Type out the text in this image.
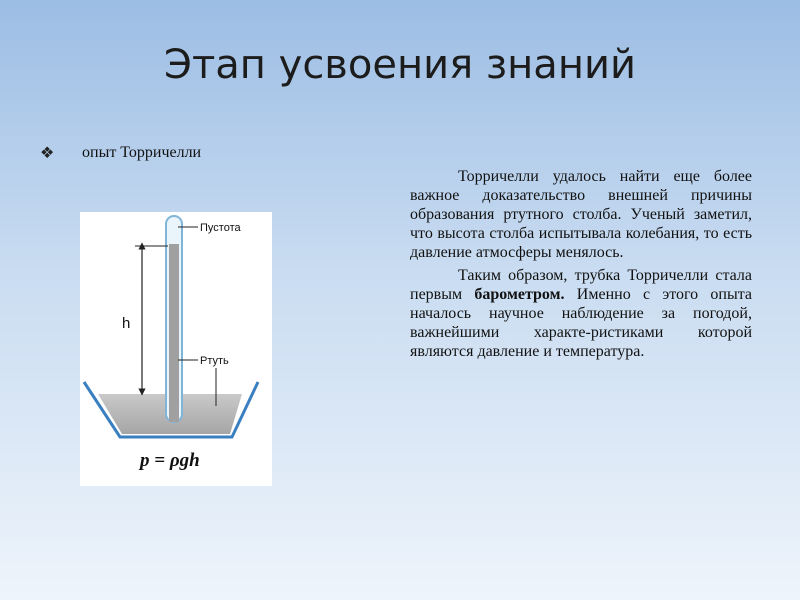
Этап усвоения знаний
❖	опыт Торричелли
Пустота
Ртуть
h
p = ρgh

Торричелли удалось найти еще более важное доказательство внешней причины образования ртутного столба. Ученый заметил, что высота столба испытывала колебания, то есть давление атмосферы менялось.

Таким образом, трубка Торричелли стала первым барометром. Именно с этого опыта началось научное наблюдение за погодой, важнейшими характе-ристиками которой являются давление и температура.
